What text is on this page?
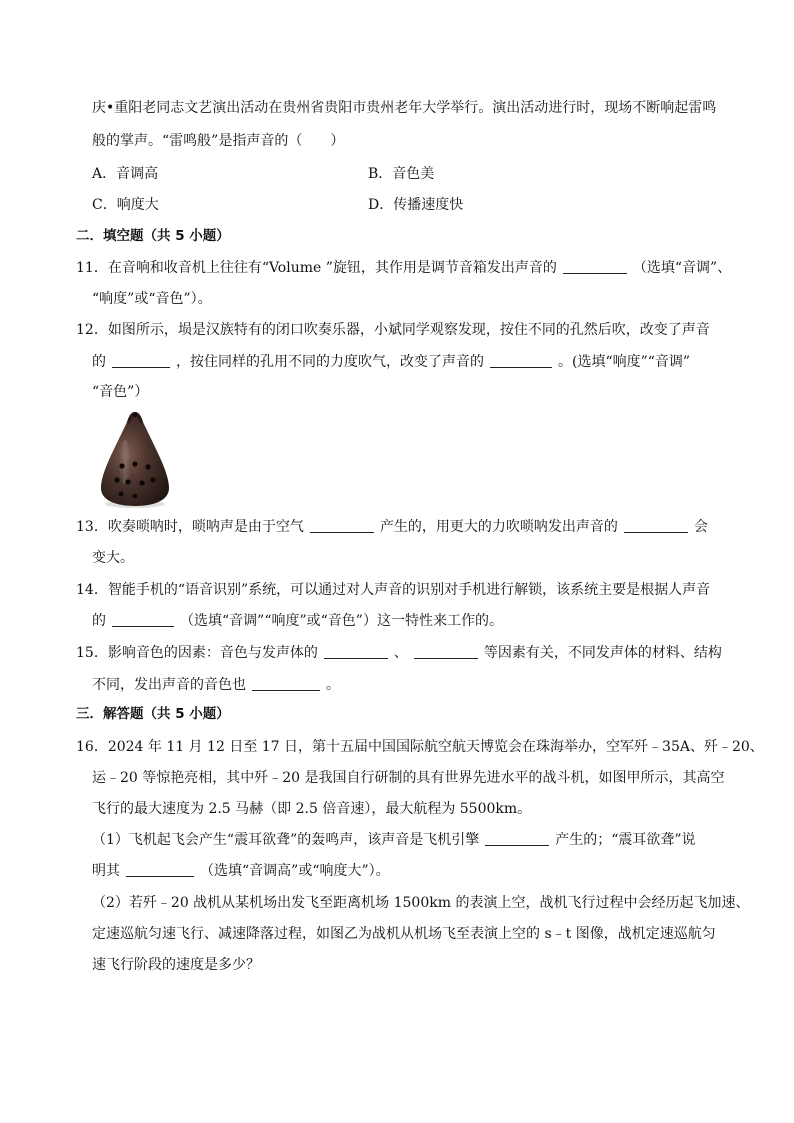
庆•重阳老同志文艺演出活动在贵州省贵阳市贵州老年大学举行。演出活动进行时，现场不断响起雷鸣
般的掌声。“雷鸣般”是指声音的（　　）
A．音调高	B．音色美
C．响度大	D．传播速度快
二．填空题（共 5 小题）
11．在音响和收音机上往往有“Volume ”旋钮，其作用是调节音箱发出声音的	（选填“音调”、
“响度”或“音色”）。
12．如图所示，埙是汉族特有的闭口吹奏乐器，小斌同学观察发现，按住不同的孔然后吹，改变了声音
的	，按住同样的孔用不同的力度吹气，改变了声音的	。(选填“响度”“音调”
“音色”）
13．吹奏唢呐时，唢呐声是由于空气	产生的，用更大的力吹唢呐发出声音的	会
变大。
14．智能手机的“语音识别”系统，可以通过对人声音的识别对手机进行解锁，该系统主要是根据人声音
的	（选填“音调”“响度”或“音色”）这一特性来工作的。
15．影响音色的因素：音色与发声体的	、	等因素有关，不同发声体的材料、结构
不同，发出声音的音色也	。
三．解答题（共 5 小题）
16．2024 年 11 月 12 日至 17 日，第十五届中国国际航空航天博览会在珠海举办，空军歼﹣35A、歼﹣20、
运﹣20 等惊艳亮相，其中歼﹣20 是我国自行研制的具有世界先进水平的战斗机，如图甲所示，其高空
飞行的最大速度为 2.5 马赫（即 2.5 倍音速），最大航程为 5500km。
（1）飞机起飞会产生“震耳欲聋”的轰鸣声，该声音是飞机引擎	产生的；“震耳欲聋”说
明其	（选填“音调高”或“响度大”）。
（2）若歼﹣20 战机从某机场出发飞至距离机场 1500km 的表演上空，战机飞行过程中会经历起飞加速、
定速巡航匀速飞行、减速降落过程，如图乙为战机从机场飞至表演上空的 s﹣t 图像，战机定速巡航匀
速飞行阶段的速度是多少？
